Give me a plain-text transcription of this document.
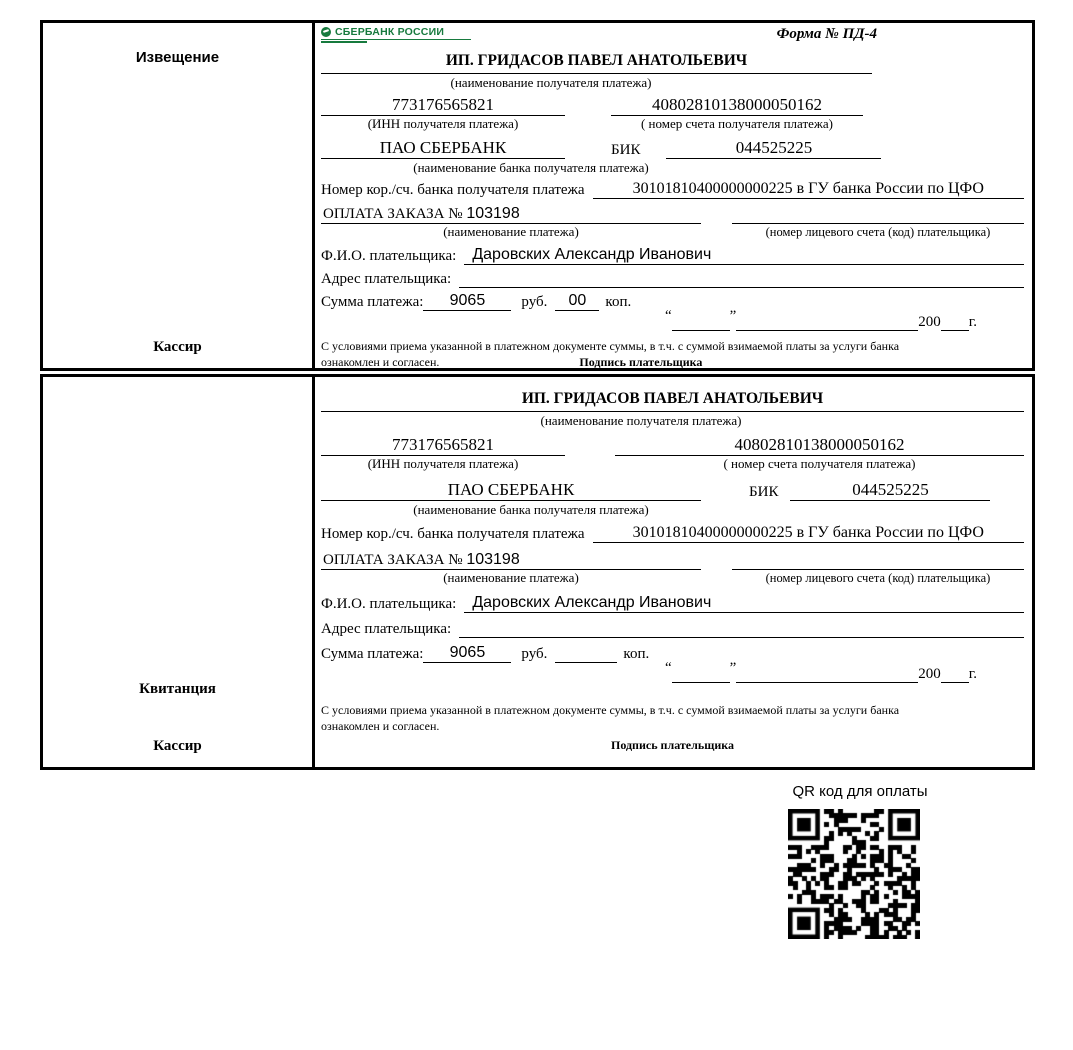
Извещение
Кассир
СБЕРБАНК РОССИИ	Форма № ПД-4
ИП. ГРИДАСОВ ПАВЕЛ АНАТОЛЬЕВИЧ
(наименование получателя платежа)
773176565821	40802810138000050162
(ИНН получателя платежа)	( номер счета получателя платежа)
ПАО СБЕРБАНК	БИК	044525225
(наименование банка получателя платежа)
Номер кор./сч. банка получателя платежа	30101810400000000225 в ГУ банка России по ЦФО
ОПЛАТА ЗАКАЗА № 103198

(наименование платежа)	(номер лицевого счета (код) плательщика)
Ф.И.О. плательщика:	Даровских Александр Иванович
Адрес плательщика:

Сумма платежа:	9065	руб.	00	коп.
“
	”
	200
г.
С условиями приема указанной в платежном документе суммы, в т.ч. с суммой взимаемой платы за услуги банка
ознакомлен и согласен.	Подпись плательщика
Квитанция
Кассир
ИП. ГРИДАСОВ ПАВЕЛ АНАТОЛЬЕВИЧ
(наименование получателя платежа)
773176565821	40802810138000050162
(ИНН получателя платежа)	( номер счета получателя платежа)
ПАО СБЕРБАНК	БИК	044525225
(наименование банка получателя платежа)
Номер кор./сч. банка получателя платежа	30101810400000000225 в ГУ банка России по ЦФО
ОПЛАТА ЗАКАЗА № 103198

(наименование платежа)	(номер лицевого счета (код) плательщика)
Ф.И.О. плательщика:	Даровских Александр Иванович
Адрес плательщика:

Сумма платежа:	9065	руб.
	коп.
“
	”
	200
г.
С условиями приема указанной в платежном документе суммы, в т.ч. с суммой взимаемой платы за услуги банка
ознакомлен и согласен.
Подпись плательщика
QR код для оплаты
